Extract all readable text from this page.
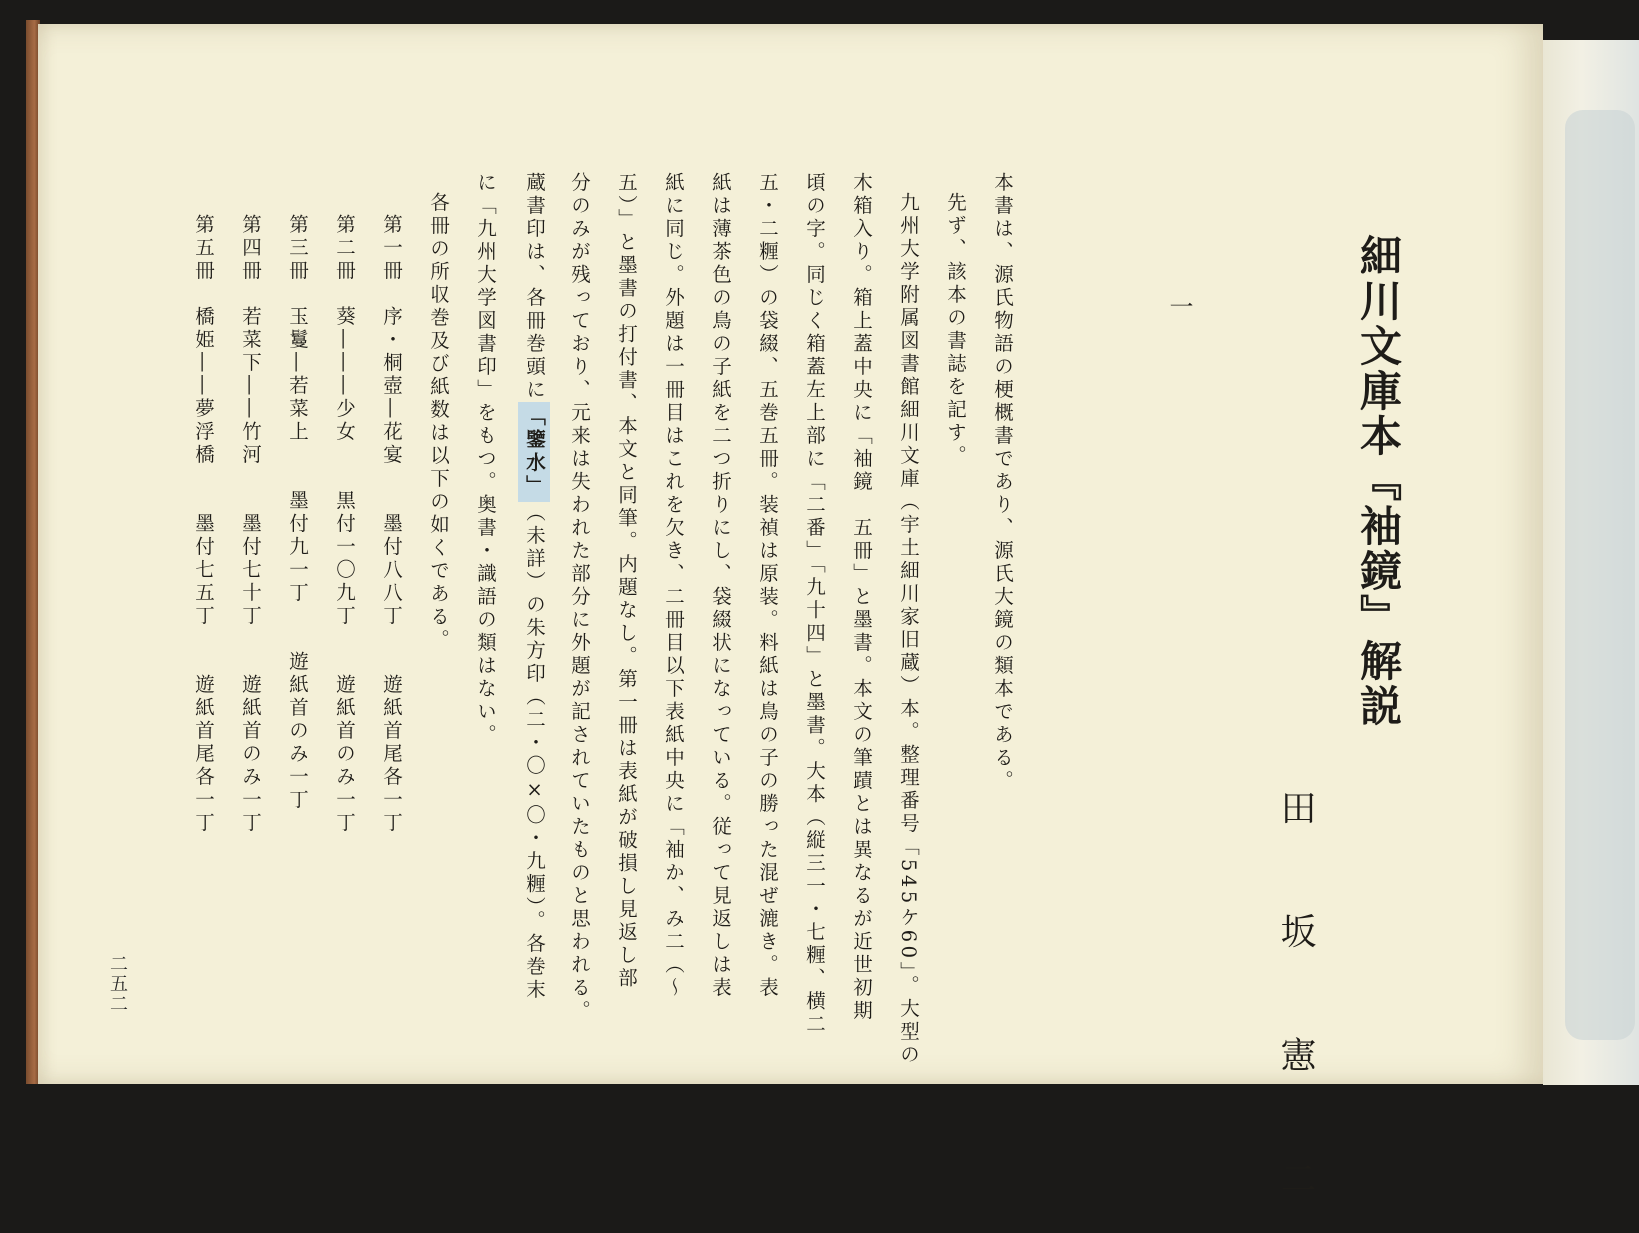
細川文庫本『袖鏡』解説
田 坂 憲 二
一
本書は、源氏物語の梗概書であり、源氏大鏡の類本である。
先ず、該本の書誌を記す。
九州大学附属図書館細川文庫（宇土細川家旧蔵）本。整理番号「545ケ60」。大型の
木箱入り。箱上蓋中央に「袖鏡　五冊」と墨書。本文の筆蹟とは異なるが近世初期
頃の字。同じく箱蓋左上部に「二番」「九十四」と墨書。大本（縦三一・七糎、横二
五・二糎）の袋綴、五巻五冊。装禎は原装。料紙は鳥の子の勝った混ぜ漉き。表
紙は薄茶色の鳥の子紙を二つ折りにし、袋綴状になっている。従って見返しは表
紙に同じ。外題は一冊目はこれを欠き、二冊目以下表紙中央に「袖か、み二（～
五）」と墨書の打付書、本文と同筆。内題なし。第一冊は表紙が破損し見返し部
分のみが残っており、元来は失われた部分に外題が記されていたものと思われる。
蔵書印は、各冊巻頭に「鑒水」（未詳）の朱方印（二・〇×〇・九糎）。各巻末
に「九州大学図書印」をもつ。奥書・識語の類はない。
各冊の所収巻及び紙数は以下の如くである。
第一冊　序・桐壺―花宴　　墨付八八丁　　遊紙首尾各一丁
第二冊　葵―――少女　　黒付一〇九丁　　遊紙首のみ一丁
第三冊　玉鬘―若菜上　　墨付九一丁　　遊紙首のみ一丁
第四冊　若菜下――竹河　　墨付七十丁　　遊紙首のみ一丁
第五冊　橋姫――夢浮橋　　墨付七五丁　　遊紙首尾各一丁
二五二
